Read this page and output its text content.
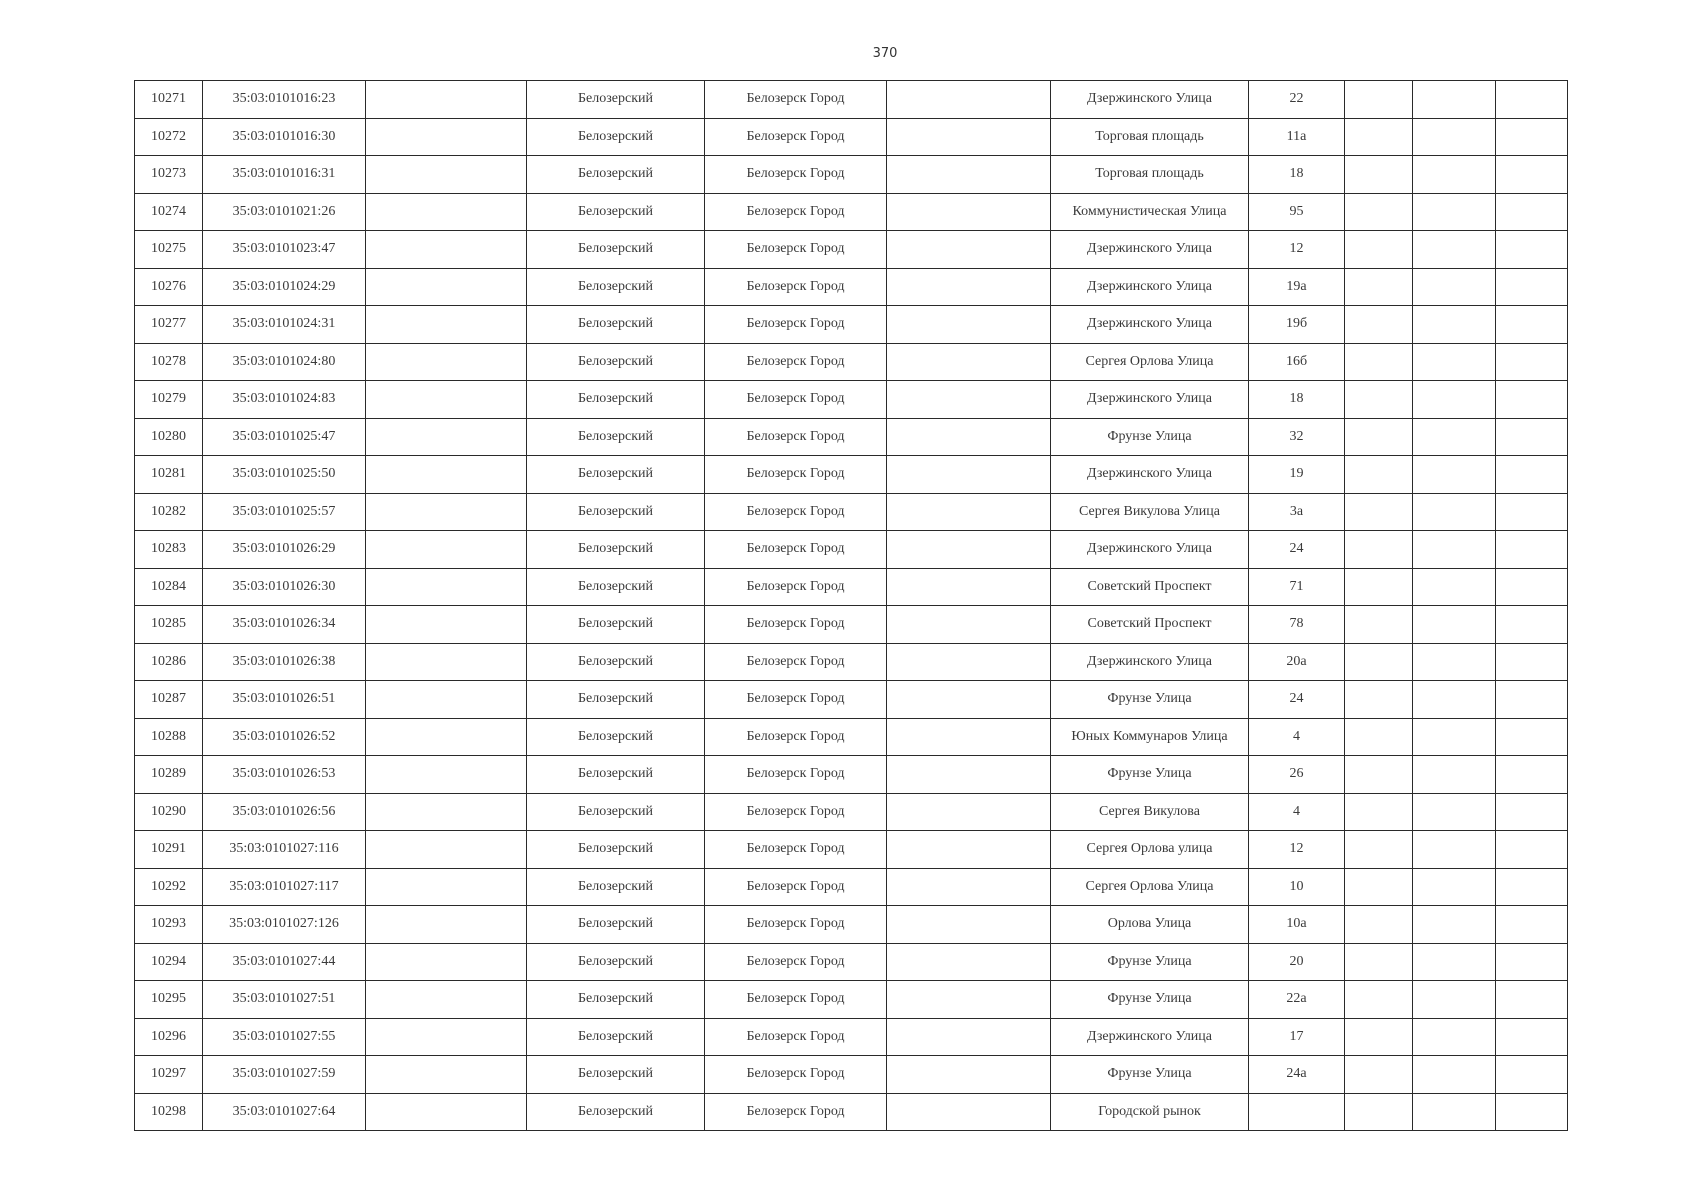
370
10271	35:03:0101016:23		Белозерский	Белозерск Город		Дзержинского Улица	22			
10272	35:03:0101016:30		Белозерский	Белозерск Город		Торговая площадь	11а			
10273	35:03:0101016:31		Белозерский	Белозерск Город		Торговая площадь	18			
10274	35:03:0101021:26		Белозерский	Белозерск Город		Коммунистическая Улица	95			
10275	35:03:0101023:47		Белозерский	Белозерск Город		Дзержинского Улица	12			
10276	35:03:0101024:29		Белозерский	Белозерск Город		Дзержинского Улица	19а			
10277	35:03:0101024:31		Белозерский	Белозерск Город		Дзержинского Улица	19б			
10278	35:03:0101024:80		Белозерский	Белозерск Город		Сергея Орлова Улица	16б			
10279	35:03:0101024:83		Белозерский	Белозерск Город		Дзержинского Улица	18			
10280	35:03:0101025:47		Белозерский	Белозерск Город		Фрунзе Улица	32			
10281	35:03:0101025:50		Белозерский	Белозерск Город		Дзержинского Улица	19			
10282	35:03:0101025:57		Белозерский	Белозерск Город		Сергея Викулова Улица	3а			
10283	35:03:0101026:29		Белозерский	Белозерск Город		Дзержинского Улица	24			
10284	35:03:0101026:30		Белозерский	Белозерск Город		Советский Проспект	71			
10285	35:03:0101026:34		Белозерский	Белозерск Город		Советский Проспект	78			
10286	35:03:0101026:38		Белозерский	Белозерск Город		Дзержинского Улица	20а			
10287	35:03:0101026:51		Белозерский	Белозерск Город		Фрунзе Улица	24			
10288	35:03:0101026:52		Белозерский	Белозерск Город		Юных Коммунаров Улица	4			
10289	35:03:0101026:53		Белозерский	Белозерск Город		Фрунзе Улица	26			
10290	35:03:0101026:56		Белозерский	Белозерск Город		Сергея Викулова	4			
10291	35:03:0101027:116		Белозерский	Белозерск Город		Сергея Орлова улица	12			
10292	35:03:0101027:117		Белозерский	Белозерск Город		Сергея Орлова Улица	10			
10293	35:03:0101027:126		Белозерский	Белозерск Город		Орлова Улица	10а			
10294	35:03:0101027:44		Белозерский	Белозерск Город		Фрунзе Улица	20			
10295	35:03:0101027:51		Белозерский	Белозерск Город		Фрунзе Улица	22а			
10296	35:03:0101027:55		Белозерский	Белозерск Город		Дзержинского Улица	17			
10297	35:03:0101027:59		Белозерский	Белозерск Город		Фрунзе Улица	24а			
10298	35:03:0101027:64		Белозерский	Белозерск Город		Городской рынок				
